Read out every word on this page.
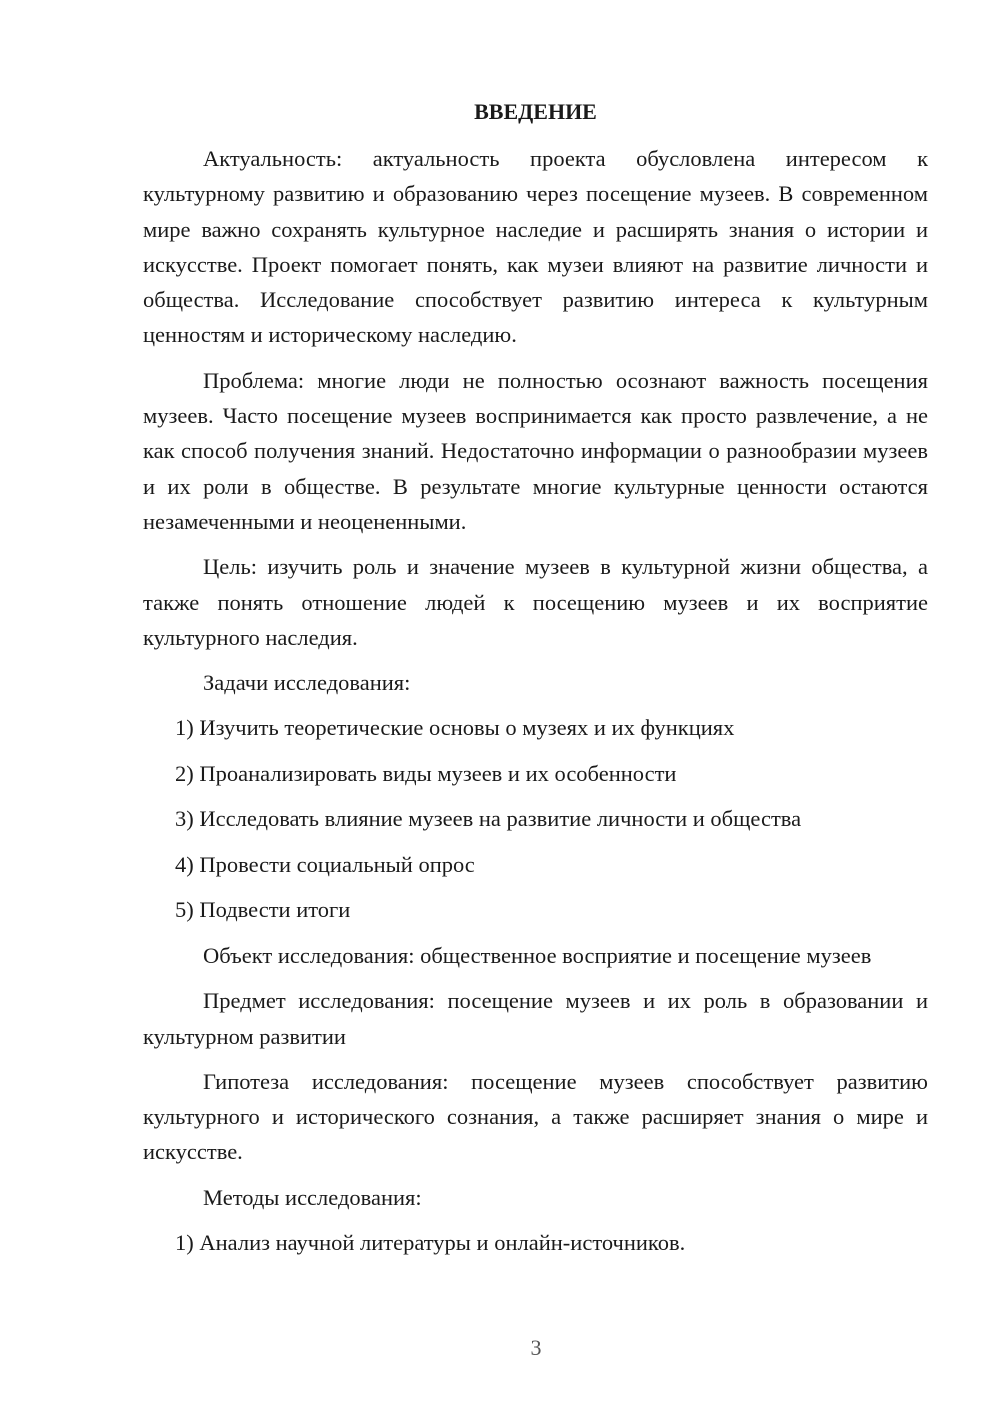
ВВЕДЕНИЕ

Актуальность: актуальность проекта обусловлена интересом к культурному развитию и образованию через посещение музеев. В современном мире важно сохранять культурное наследие и расширять знания о истории и искусстве. Проект помогает понять, как музеи влияют на развитие личности и общества. Исследование способствует развитию интереса к культурным ценностям и историческому наследию.

Проблема: многие люди не полностью осознают важность посещения музеев. Часто посещение музеев воспринимается как просто развлечение, а не как способ получения знаний. Недостаточно информации о разнообразии музеев и их роли в обществе. В результате многие культурные ценности остаются незамеченными и неоцененными.

Цель: изучить роль и значение музеев в культурной жизни общества, а также понять отношение людей к посещению музеев и их восприятие культурного наследия.

Задачи исследования:

1) Изучить теоретические основы о музеях и их функциях

2) Проанализировать виды музеев и их особенности

3) Исследовать влияние музеев на развитие личности и общества

4) Провести социальный опрос

5) Подвести итоги

Объект исследования: общественное восприятие и посещение музеев

Предмет исследования: посещение музеев и их роль в образовании и культурном развитии

Гипотеза исследования: посещение музеев способствует развитию культурного и исторического сознания, а также расширяет знания о мире и искусстве.

Методы исследования:

1) Анализ научной литературы и онлайн-источников.

3
